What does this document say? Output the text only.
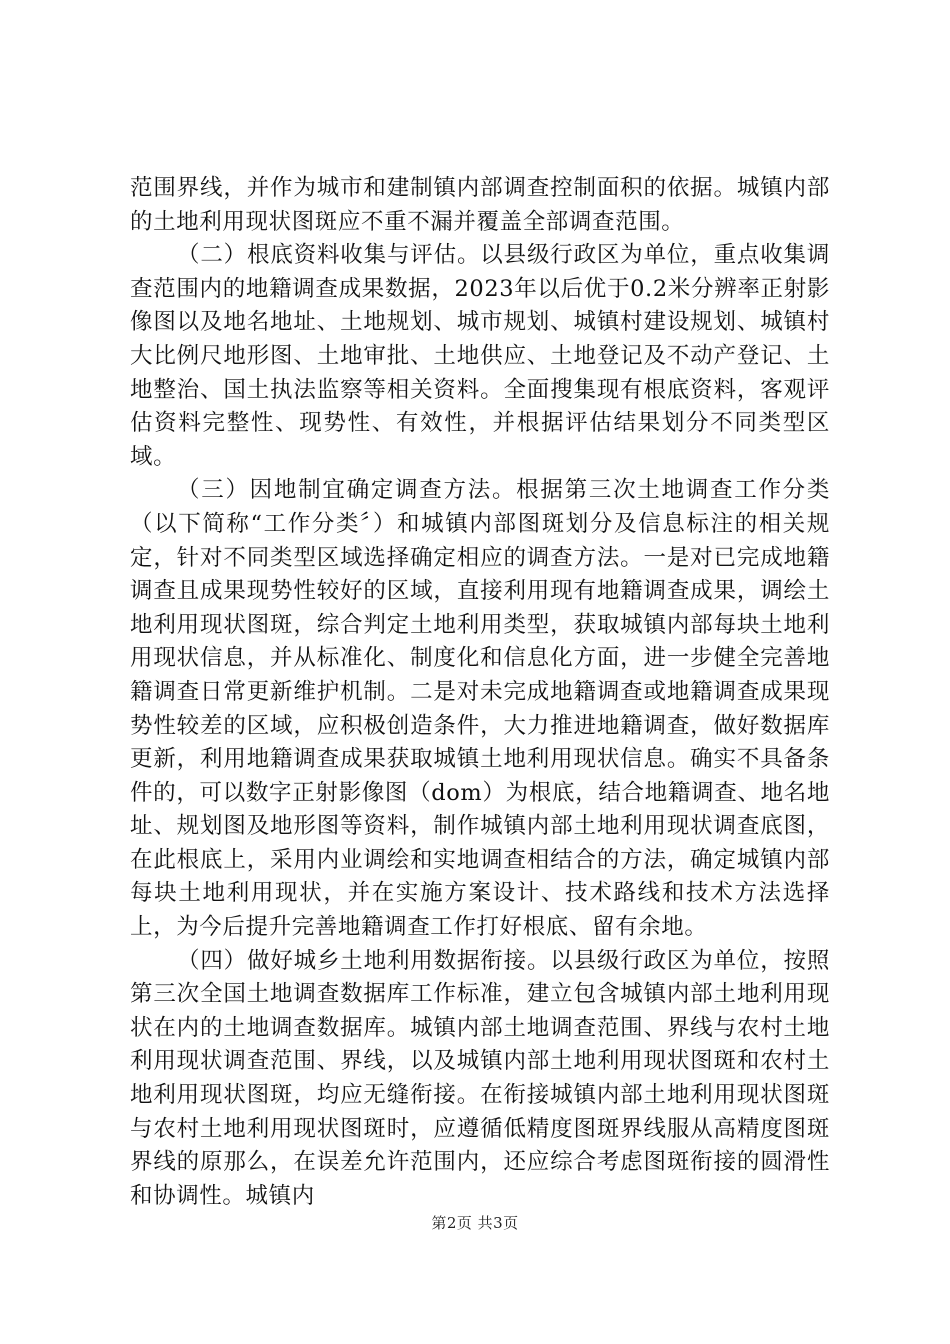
范围界线，并作为城市和建制镇内部调查控制面积的依据。城镇内部的土地利用现状图斑应不重不漏并覆盖全部调查范围。

（二）根底资料收集与评估。以县级行政区为单位，重点收集调查范围内的地籍调查成果数据，2023年以后优于0.2米分辨率正射影像图以及地名地址、土地规划、城市规划、城镇村建设规划、城镇村大比例尺地形图、土地审批、土地供应、土地登记及不动产登记、土地整治、国土执法监察等相关资料。全面搜集现有根底资料，客观评估资料完整性、现势性、有效性，并根据评估结果划分不同类型区域。

（三）因地制宜确定调查方法。根据第三次土地调查工作分类（以下简称“工作分类〞）和城镇内部图斑划分及信息标注的相关规定，针对不同类型区域选择确定相应的调查方法。一是对已完成地籍调查且成果现势性较好的区域，直接利用现有地籍调查成果，调绘土地利用现状图斑，综合判定土地利用类型，获取城镇内部每块土地利用现状信息，并从标准化、制度化和信息化方面，进一步健全完善地籍调查日常更新维护机制。二是对未完成地籍调查或地籍调查成果现势性较差的区域，应积极创造条件，大力推进地籍调查，做好数据库更新，利用地籍调查成果获取城镇土地利用现状信息。确实不具备条件的，可以数字正射影像图（dom）为根底，结合地籍调查、地名地址、规划图及地形图等资料，制作城镇内部土地利用现状调查底图，在此根底上，采用内业调绘和实地调查相结合的方法，确定城镇内部每块土地利用现状，并在实施方案设计、技术路线和技术方法选择上，为今后提升完善地籍调查工作打好根底、留有余地。

（四）做好城乡土地利用数据衔接。以县级行政区为单位，按照第三次全国土地调查数据库工作标准，建立包含城镇内部土地利用现状在内的土地调查数据库。城镇内部土地调查范围、界线与农村土地利用现状调查范围、界线，以及城镇内部土地利用现状图斑和农村土地利用现状图斑，均应无缝衔接。在衔接城镇内部土地利用现状图斑与农村土地利用现状图斑时，应遵循低精度图斑界线服从高精度图斑界线的原那么，在误差允许范围内，还应综合考虑图斑衔接的圆滑性和协调性。城镇内

第2页 共3页
